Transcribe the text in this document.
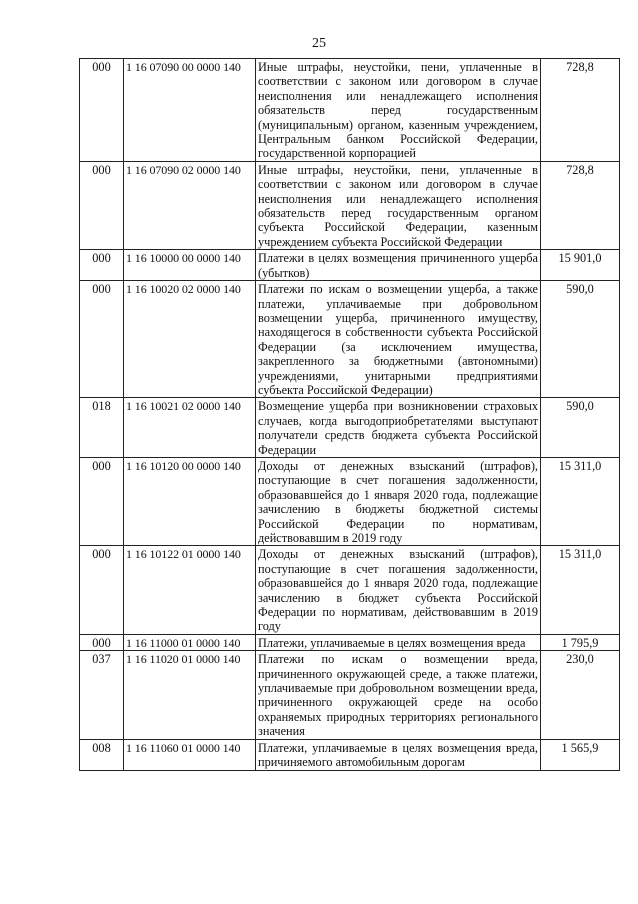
25
000	1 16 07090 00 0000 140	Иные штрафы, неустойки, пени, уплаченные в соответствии с законом или договором в случае неисполнения или ненадлежащего исполнения обязательств перед государственным (муниципальным) органом, казенным учреждением, Центральным банком Российской Федерации, государственной корпорацией	728,8
000	1 16 07090 02 0000 140	Иные штрафы, неустойки, пени, уплаченные в соответствии с законом или договором в случае неисполнения или ненадлежащего исполнения обязательств перед государственным органом субъекта Российской Федерации, казенным учреждением субъекта Российской Федерации	728,8
000	1 16 10000 00 0000 140	Платежи в целях возмещения причиненного ущерба (убытков)	15 901,0
000	1 16 10020 02 0000 140	Платежи по искам о возмещении ущерба, а также платежи, уплачиваемые при добровольном возмещении ущерба, причиненного имуществу, находящегося в собственности субъекта Российской Федерации (за исключением имущества, закрепленного за бюджетными (автономными) учреждениями, унитарными предприятиями субъекта Российской Федерации)	590,0
018	1 16 10021 02 0000 140	Возмещение ущерба при возникновении страховых случаев, когда выгодоприобретателями выступают получатели средств бюджета субъекта Российской Федерации	590,0
000	1 16 10120 00 0000 140	Доходы от денежных взысканий (штрафов), поступающие в счет погашения задолженности, образовавшейся до 1 января 2020 года, подлежащие зачислению в бюджеты бюджетной системы Российской Федерации по нормативам, действовавшим в 2019 году	15 311,0
000	1 16 10122 01 0000 140	Доходы от денежных взысканий (штрафов), поступающие в счет погашения задолженности, образовавшейся до 1 января 2020 года, подлежащие зачислению в бюджет субъекта Российской Федерации по нормативам, действовавшим в 2019 году	15 311,0
000	1 16 11000 01 0000 140	Платежи, уплачиваемые в целях возмещения вреда	1 795,9
037	1 16 11020 01 0000 140	Платежи по искам о возмещении вреда, причиненного окружающей среде, а также платежи, уплачиваемые при добровольном возмещении вреда, причиненного окружающей среде на особо охраняемых природных территориях регионального значения	230,0
008	1 16 11060 01 0000 140	Платежи, уплачиваемые в целях возмещения вреда, причиняемого автомобильным дорогам	1 565,9
